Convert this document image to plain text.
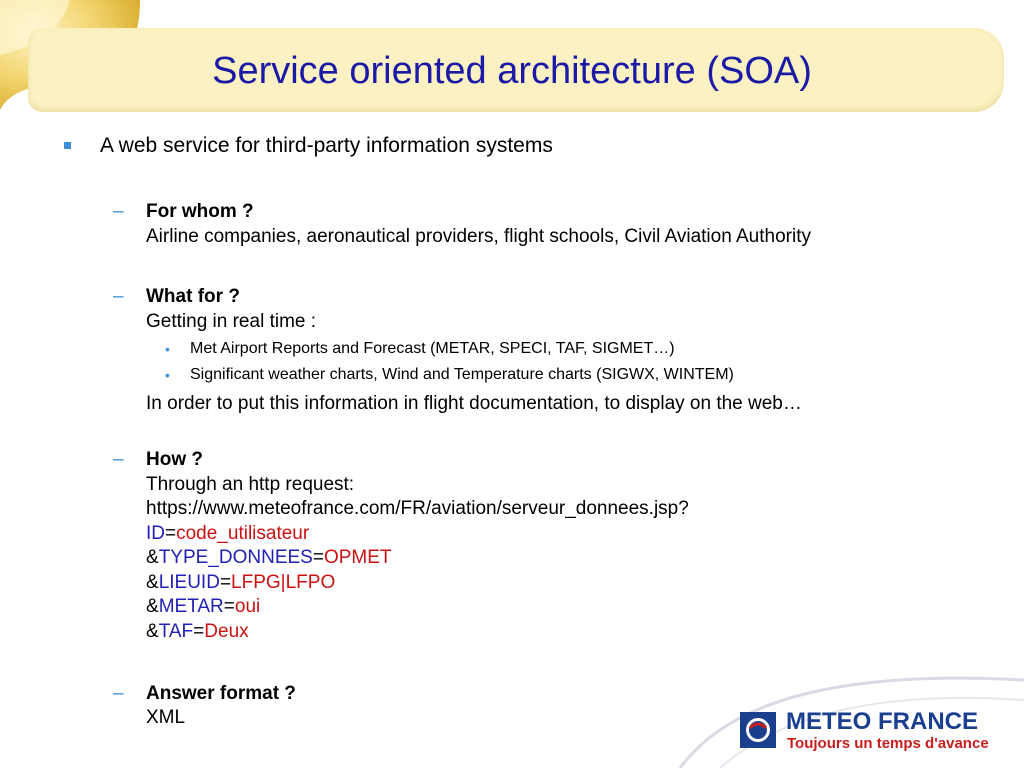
Service oriented architecture (SOA)
A web service for third-party information systems
– For whom ?
Airline companies, aeronautical providers, flight schools, Civil Aviation Authority
– What for ?
Getting in real time :
• Met Airport Reports and Forecast (METAR, SPECI, TAF, SIGMET…)
• Significant weather charts, Wind and Temperature charts (SIGWX, WINTEM)
In order to put this information in flight documentation, to display on the web…
– How ?
Through an http request:
https://www.meteofrance.com/FR/aviation/serveur_donnees.jsp?
ID=code_utilisateur
&TYPE_DONNEES=OPMET
&LIEUID=LFPG|LFPO
&METAR=oui
&TAF=Deux
– Answer format ?
XML	METEO FRANCE
Toujours un temps d'avance
